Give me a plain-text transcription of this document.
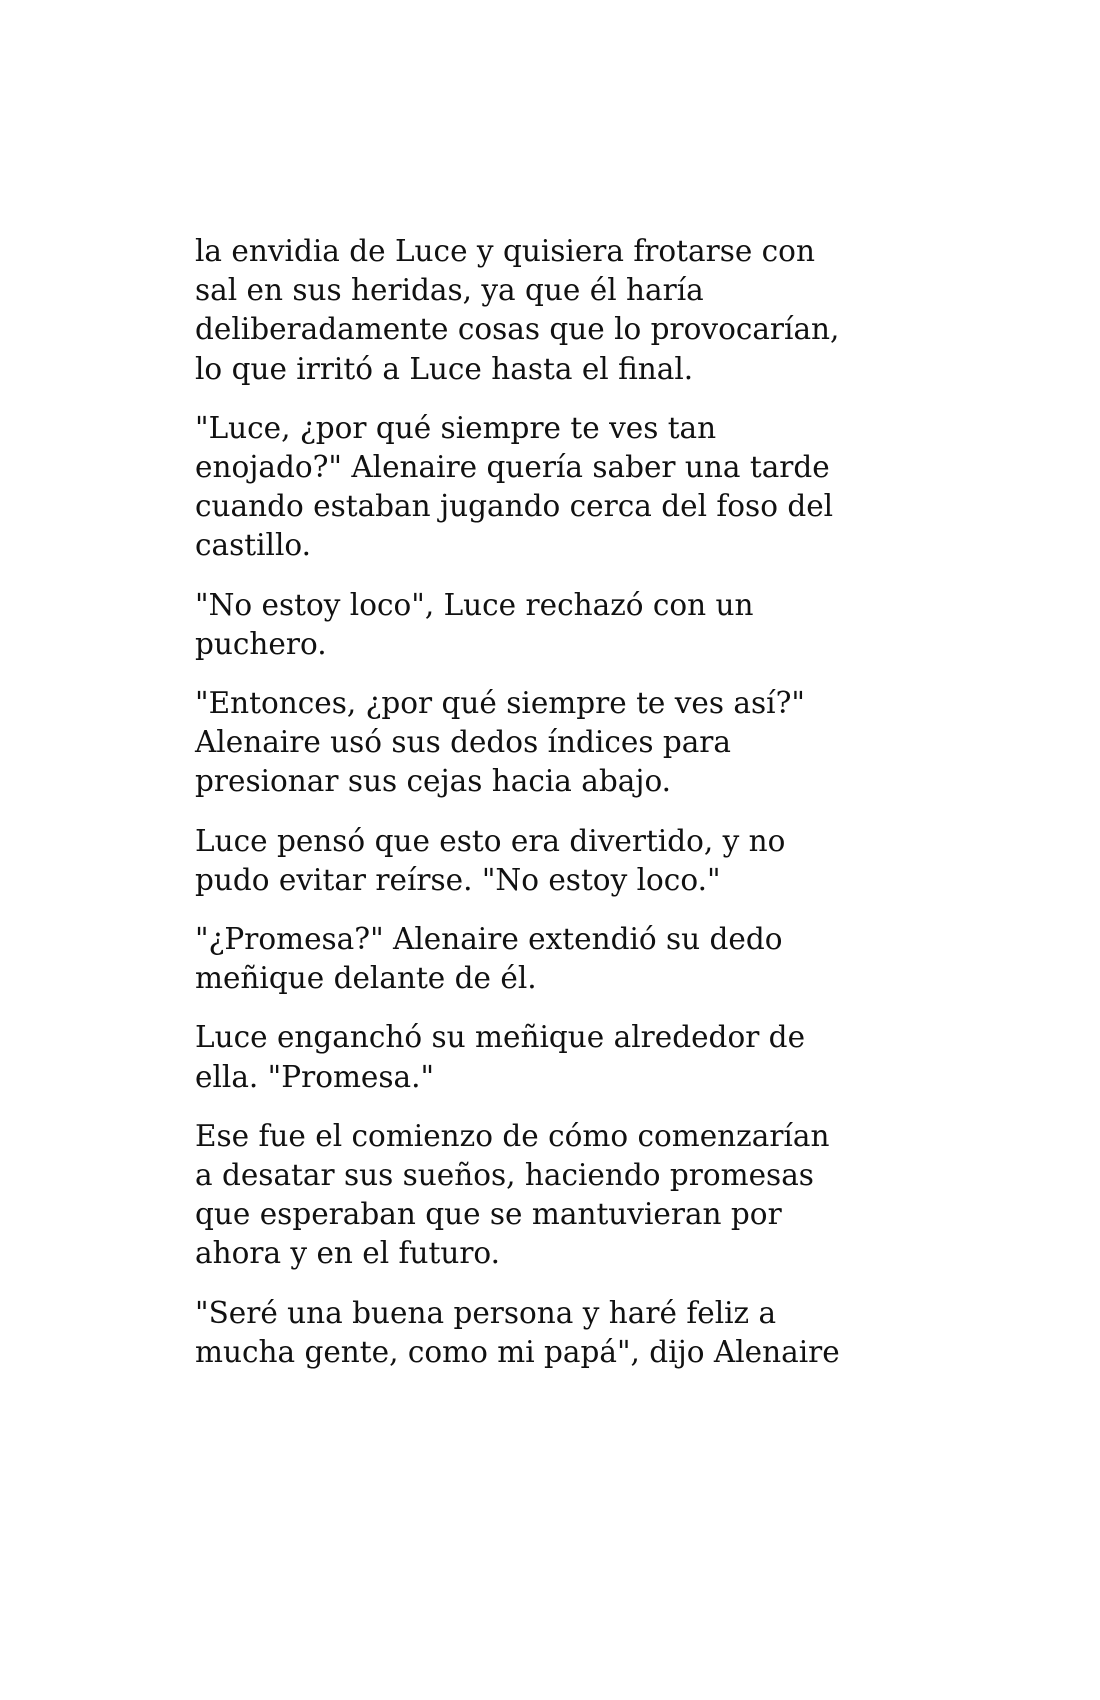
la envidia de Luce y quisiera frotarse con
sal en sus heridas, ya que él haría
deliberadamente cosas que lo provocarían,
lo que irritó a Luce hasta el final.

"Luce, ¿por qué siempre te ves tan
enojado?" Alenaire quería saber una tarde
cuando estaban jugando cerca del foso del
castillo.

"No estoy loco", Luce rechazó con un
puchero.

"Entonces, ¿por qué siempre te ves así?"
Alenaire usó sus dedos índices para
presionar sus cejas hacia abajo.

Luce pensó que esto era divertido, y no
pudo evitar reírse. "No estoy loco."

"¿Promesa?" Alenaire extendió su dedo
meñique delante de él.

Luce enganchó su meñique alrededor de
ella. "Promesa."

Ese fue el comienzo de cómo comenzarían
a desatar sus sueños, haciendo promesas
que esperaban que se mantuvieran por
ahora y en el futuro.

"Seré una buena persona y haré feliz a
mucha gente, como mi papá", dijo Alenaire
